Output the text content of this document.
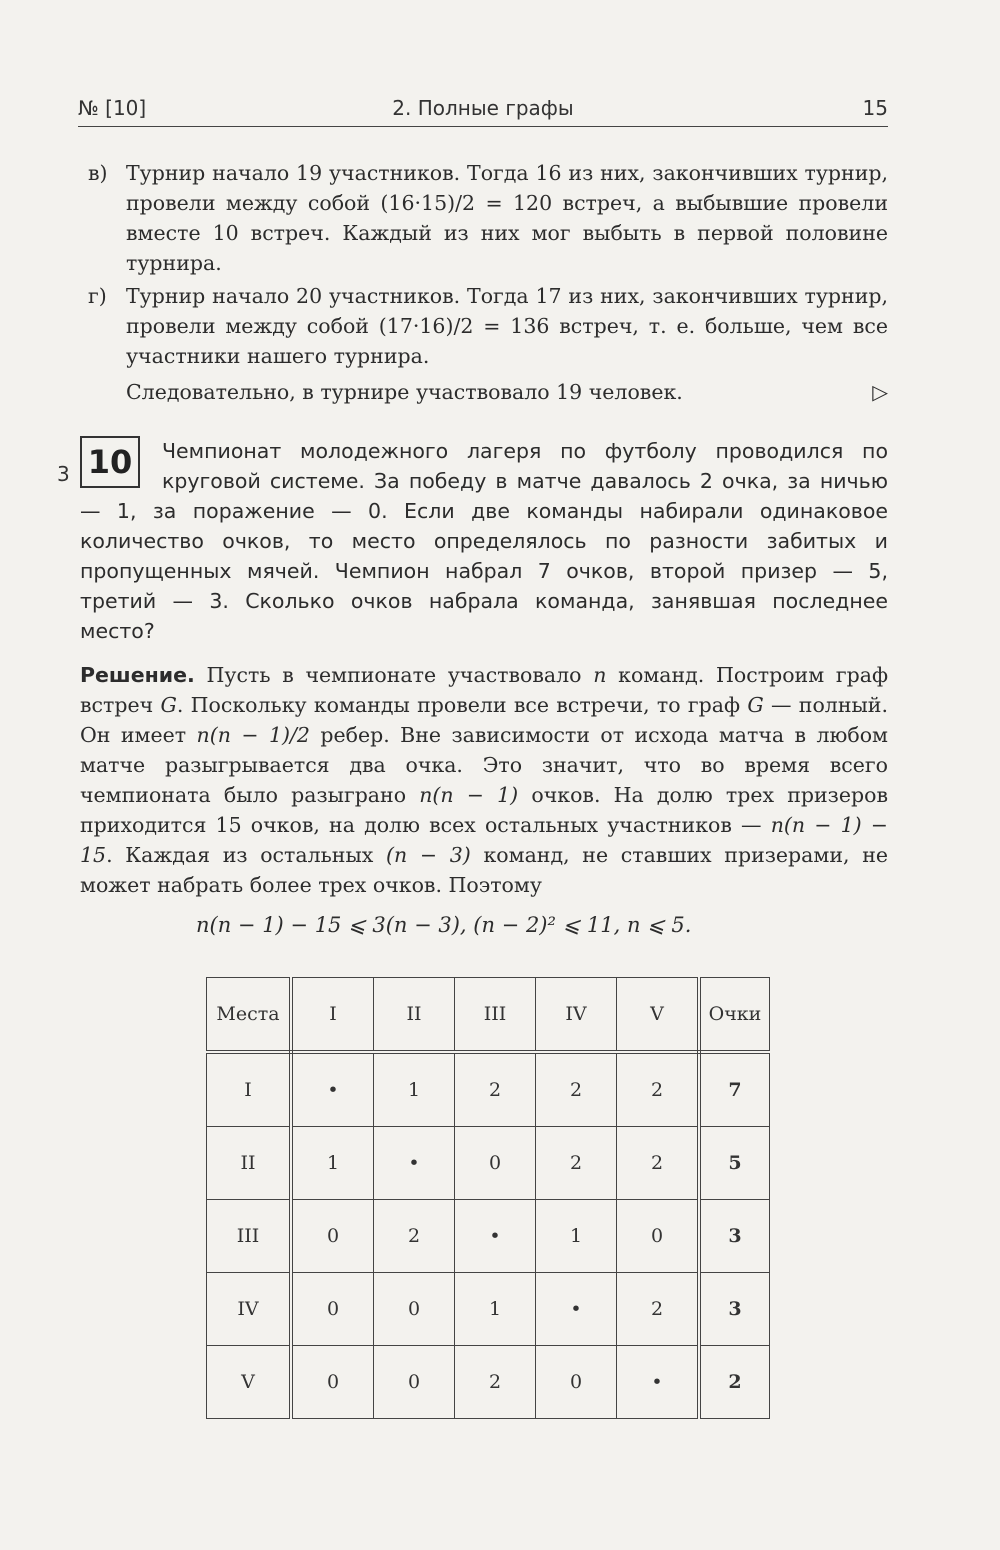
№ [10]	2. Полные графы	15
в) Турнир начало 19 участников. Тогда 16 из них, закончивших турнир, провели между собой (16·15)/2 = 120 встреч, а выбывшие провели вместе 10 встреч. Каждый из них мог выбыть в первой половине турнира.
г) Турнир начало 20 участников. Тогда 17 из них, закончивших турнир, провели между собой (17·16)/2 = 136 встреч, т. е. больше, чем все участники нашего турнира.
Следовательно, в турнире участвовало 19 человек.	▷
3 10	Чемпионат молодежного лагеря по футболу проводился по круговой системе. За победу в матче давалось 2 очка, за ничью — 1, за поражение — 0. Если две команды набирали одинаковое количество очков, то место определялось по разности забитых и пропущенных мячей. Чемпион набрал 7 очков, второй призер — 5, третий — 3. Сколько очков набрала команда, занявшая последнее место?
Решение. Пусть в чемпионате участвовало n команд. Построим граф встреч G. Поскольку команды провели все встречи, то граф G — полный. Он имеет n(n − 1)/2 ребер. Вне зависимости от исхода матча в любом матче разыгрывается два очка. Это значит, что во время всего чемпионата было разыграно n(n − 1) очков. На долю трех призеров приходится 15 очков, на долю всех остальных участников — n(n − 1) − 15. Каждая из остальных (n − 3) команд, не ставших призерами, не может набрать более трех очков. Поэтому
n(n − 1) − 15 ⩽ 3(n − 3), (n − 2)² ⩽ 11, n ⩽ 5.
Места	I	II	III	IV	V	Очки
I	•	1	2	2	2	7
II	1	•	0	2	2	5
III	0	2	•	1	0	3
IV	0	0	1	•	2	3
V	0	0	2	0	•	2
